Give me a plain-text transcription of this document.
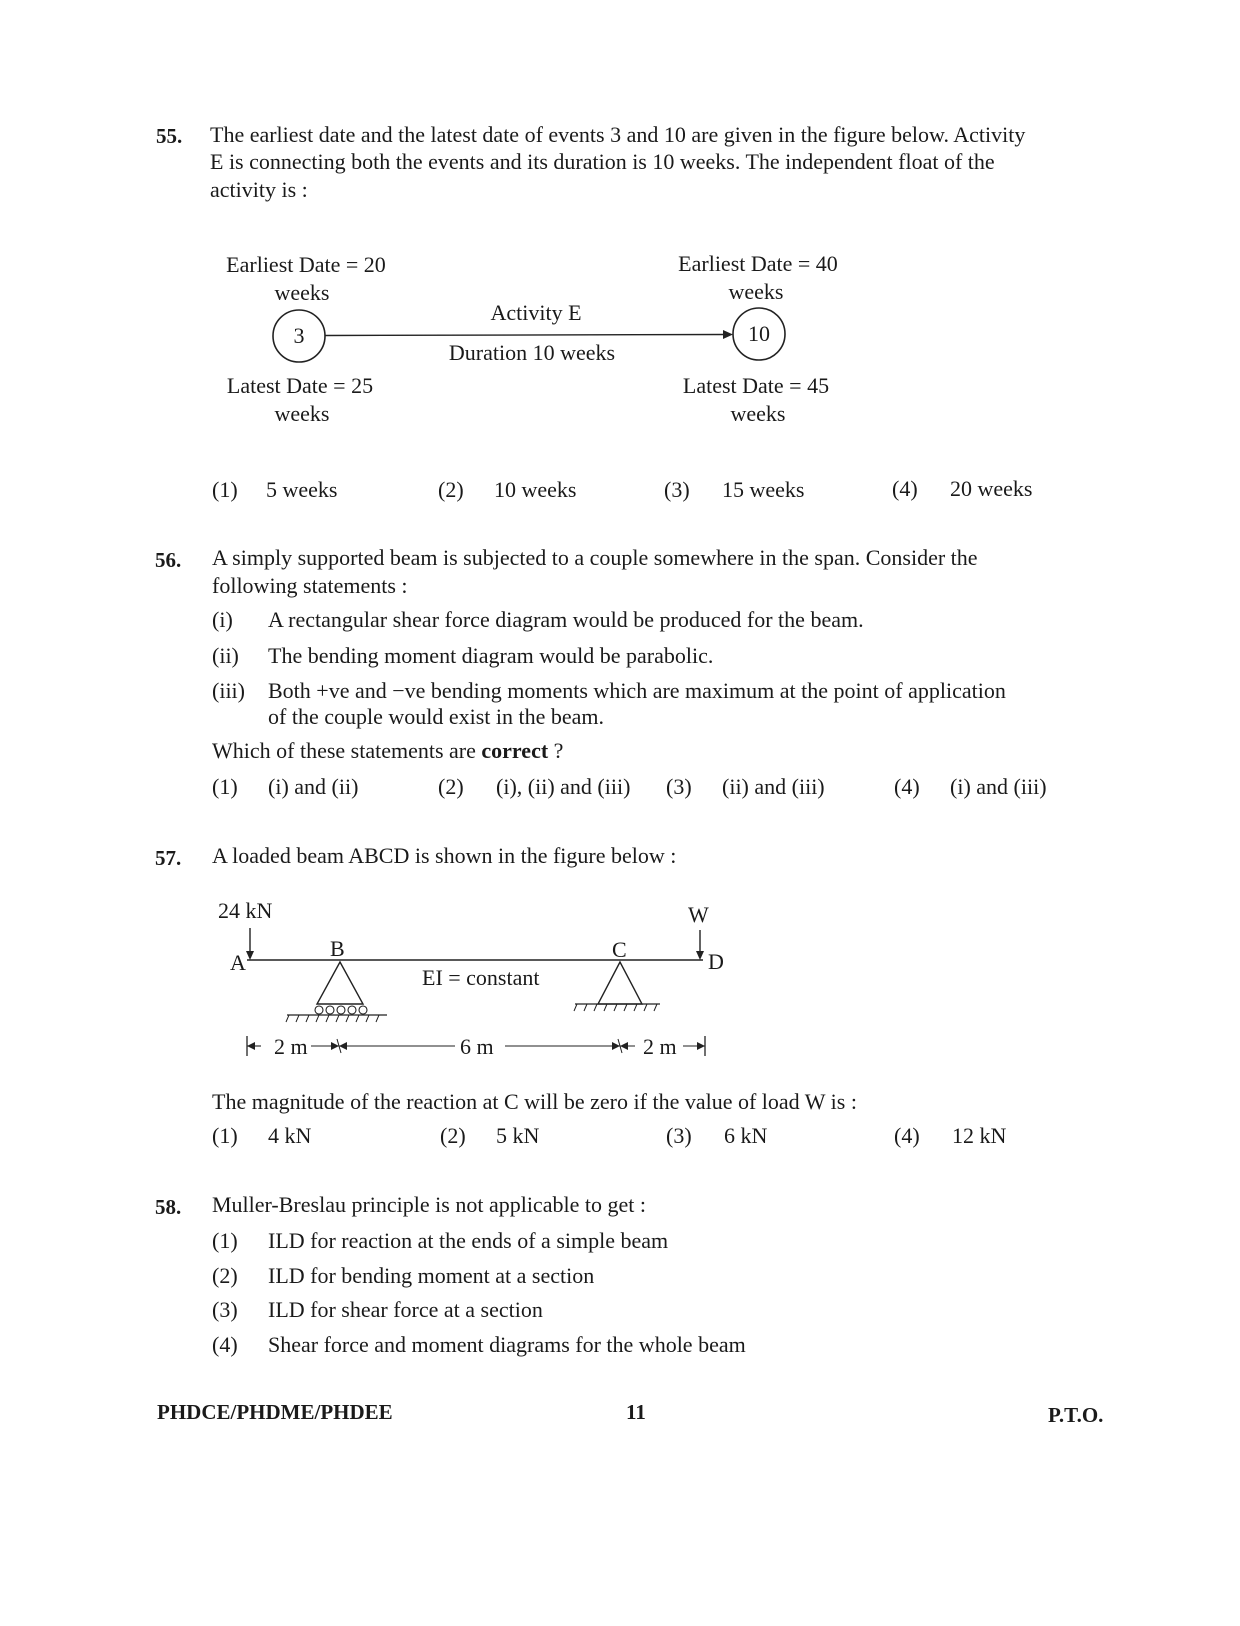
55. The earliest date and the latest date of events 3 and 10 are given in the figure below. Activity
E is connecting both the events and its duration is 10 weeks. The independent float of the
activity is :
Earliest Date = 20
weeks
Earliest Date = 40
weeks
Activity E
Duration 10 weeks
Latest Date = 25
weeks
Latest Date = 45
weeks
3	10
(1) 5 weeks	(2) 10 weeks	(3) 15 weeks	(4) 20 weeks
56. A simply supported beam is subjected to a couple somewhere in the span. Consider the
following statements :
(i) A rectangular shear force diagram would be produced for the beam.
(ii) The bending moment diagram would be parabolic.
(iii) Both +ve and −ve bending moments which are maximum at the point of application
of the couple would exist in the beam.
Which of these statements are correct ?
(1) (i) and (ii)	(2) (i), (ii) and (iii) (3) (ii) and (iii)	(4) (i) and (iii)
57. A loaded beam ABCD is shown in the figure below :
24 kN	W
A
B	C	D
EI = constant
2 m	6 m	2 m
The magnitude of the reaction at C will be zero if the value of load W is :
(1) 4 kN	(2) 5 kN	(3) 6 kN	(4) 12 kN
58. Muller-Breslau principle is not applicable to get :
(1) ILD for reaction at the ends of a simple beam
(2) ILD for bending moment at a section
(3) ILD for shear force at a section
(4) Shear force and moment diagrams for the whole beam
PHDCE/PHDME/PHDEE	11	P.T.O.
